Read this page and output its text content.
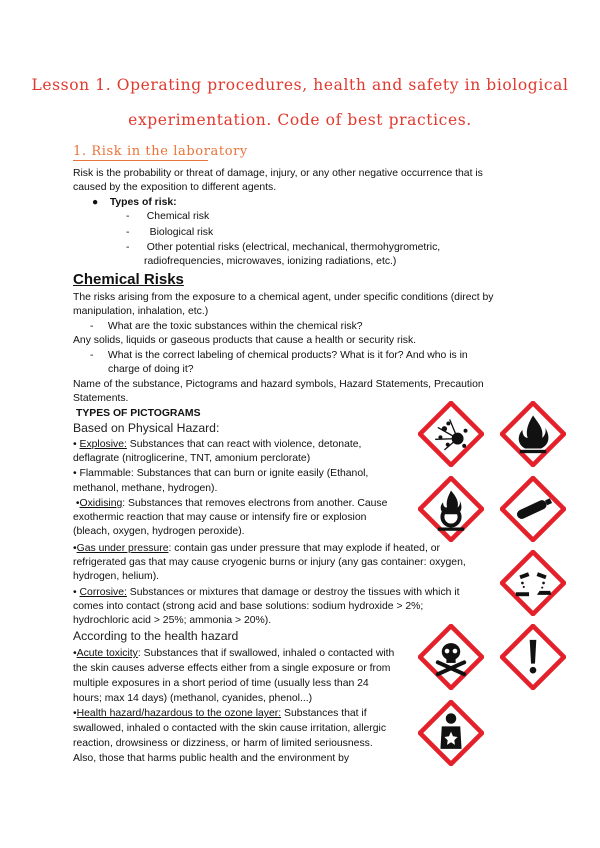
Lesson 1. Operating procedures, health and safety in biological
experimentation. Code of best practices.
1. Risk in the laboratory
Risk is the probability or threat of damage, injury, or any other negative occurrence that is
caused by the exposition to different agents.
●    Types of risk:
-      Chemical risk
-       Biological risk
-      Other potential risks (electrical, mechanical, thermohygrometric,
radiofrequencies, microwaves, ionizing radiations, etc.)
Chemical Risks
The risks arising from the exposure to a chemical agent, under specific conditions (direct by
manipulation, inhalation, etc.)
-     What are the toxic substances within the chemical risk?
Any solids, liquids or gaseous products that cause a health or security risk.
-     What is the correct labeling of chemical products? What is it for? And who is in
charge of doing it?
Name of the substance, Pictograms and hazard symbols, Hazard Statements, Precaution
Statements.
TYPES OF PICTOGRAMS
Based on Physical Hazard:
• Explosive: Substances that can react with violence, detonate,
deflagrate (nitroglicerine, TNT, amonium perclorate)
• Flammable: Substances that can burn or ignite easily (Ethanol,
methanol, methane, hydrogen).
•Oxidising: Substances that removes electrons from another. Cause
exothermic reaction that may cause or intensify fire or explosion
(bleach, oxygen, hydrogen peroxide).
•Gas under pressure: contain gas under pressure that may explode if heated, or
refrigerated gas that may cause cryogenic burns or injury (any gas container: oxygen,
hydrogen, helium).
• Corrosive: Substances or mixtures that damage or destroy the tissues with which it
comes into contact (strong acid and base solutions: sodium hydroxide > 2%;
hydrochloric acid > 25%; ammonia > 20%).
According to the health hazard
•Acute toxicity: Substances that if swallowed, inhaled o contacted with
the skin causes adverse effects either from a single exposure or from
multiple exposures in a short period of time (usually less than 24
hours; max 14 days) (methanol, cyanides, phenol...)
•Health hazard/hazardous to the ozone layer: Substances that if
swallowed, inhaled o contacted with the skin cause irritation, allergic
reaction, drowsiness or dizziness, or harm of limited seriousness.
Also, those that harms public health and the environment by
